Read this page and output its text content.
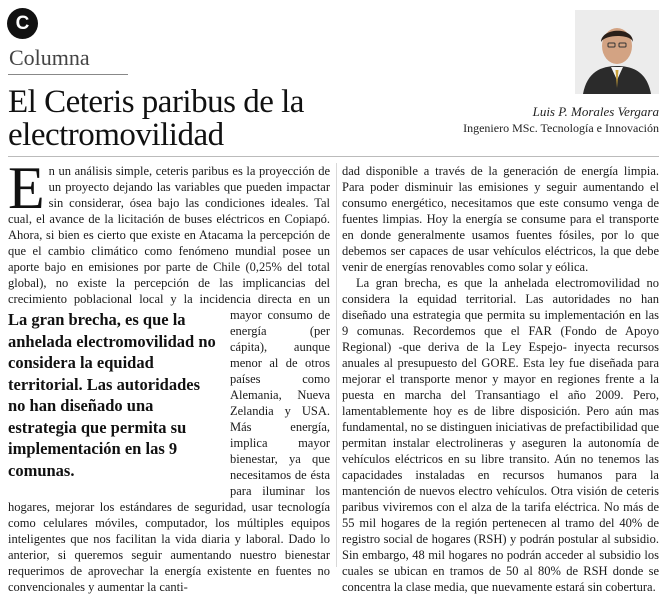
C
Columna
El Ceteris paribus de la
electromovilidad
Luis P. Morales Vergara
Ingeniero MSc. Tecnología e Innovación
E n un análisis simple, ceteris paribus es la proyección de un proyecto dejando las variables que pueden impactar sin considerar, ósea bajo las condiciones ideales. Tal cual, el avance de la licitación de buses eléctricos en Copiapó. Ahora, si bien es cierto que existe en Atacama la percepción de que el cambio climático como fenómeno mundial posee un aporte bajo en emisiones por parte de Chile (0,25% del total global), no existe la percepción de las implicancias del crecimiento poblacional
La gran brecha, es que la anhelada electromovilidad no considera la equidad territorial. Las autoridades no han diseñado una estrategia que permita su implementación en las 9 comunas.
local y la incidencia directa en un mayor consumo de energía (per cápita), aunque menor al de otros países como Alemania, Nueva Zelandia y USA. Más energía, implica mayor bienestar, ya que necesitamos de ésta para iluminar los hogares, mejorar los estándares de seguridad, usar tecnología como celulares móviles, computador, los múltiples equipos inteligentes que nos facilitan la vida diaria y laboral. Dado lo anterior, si queremos seguir aumentando nuestro bienestar requerimos de aprovechar la energía existente en fuentes no convencionales y aumentar la canti-

dad disponible a través de la generación de energía limpia. Para poder disminuir las emisiones y seguir aumentando el consumo energético, necesitamos que este consumo venga de fuentes limpias. Hoy la energía se consume para el transporte en donde generalmente usamos fuentes fósiles, por lo que debemos ser capaces de usar vehículos eléctricos, la que debe venir de energías renovables como solar y eólica.

La gran brecha, es que la anhelada electromovilidad no considera la equidad territorial. Las autoridades no han diseñado una estrategia que permita su implementación en las 9 comunas. Recordemos que el FAR (Fondo de Apoyo Regional) -que deriva de la Ley Espejo- inyecta recursos anuales al presupuesto del GORE. Esta ley fue diseñada para mejorar el transporte menor y mayor en regiones frente a la puesta en marcha del Transantiago el año 2009. Pero, lamentablemente hoy es de libre disposición. Pero aún mas fundamental, no se distinguen iniciativas de prefactibilidad que permitan instalar electrolineras y aseguren la autonomía de vehículos eléctricos en su libre transito. Aún no tenemos las capacidades instaladas en recursos humanos para la mantención de nuevos electro vehículos. Otra visión de ceteris paribus viviremos con el alza de la tarifa eléctrica. No más de 55 mil hogares de la región pertenecen al tramo del 40% de registro social de hogares (RSH) y podrán postular al subsidio. Sin embargo, 48 mil hogares no podrán acceder al subsidio los cuales se ubican en tramos de 50 al 80% de RSH donde se concentra la clase media, que nuevamente estará sin cobertura.
